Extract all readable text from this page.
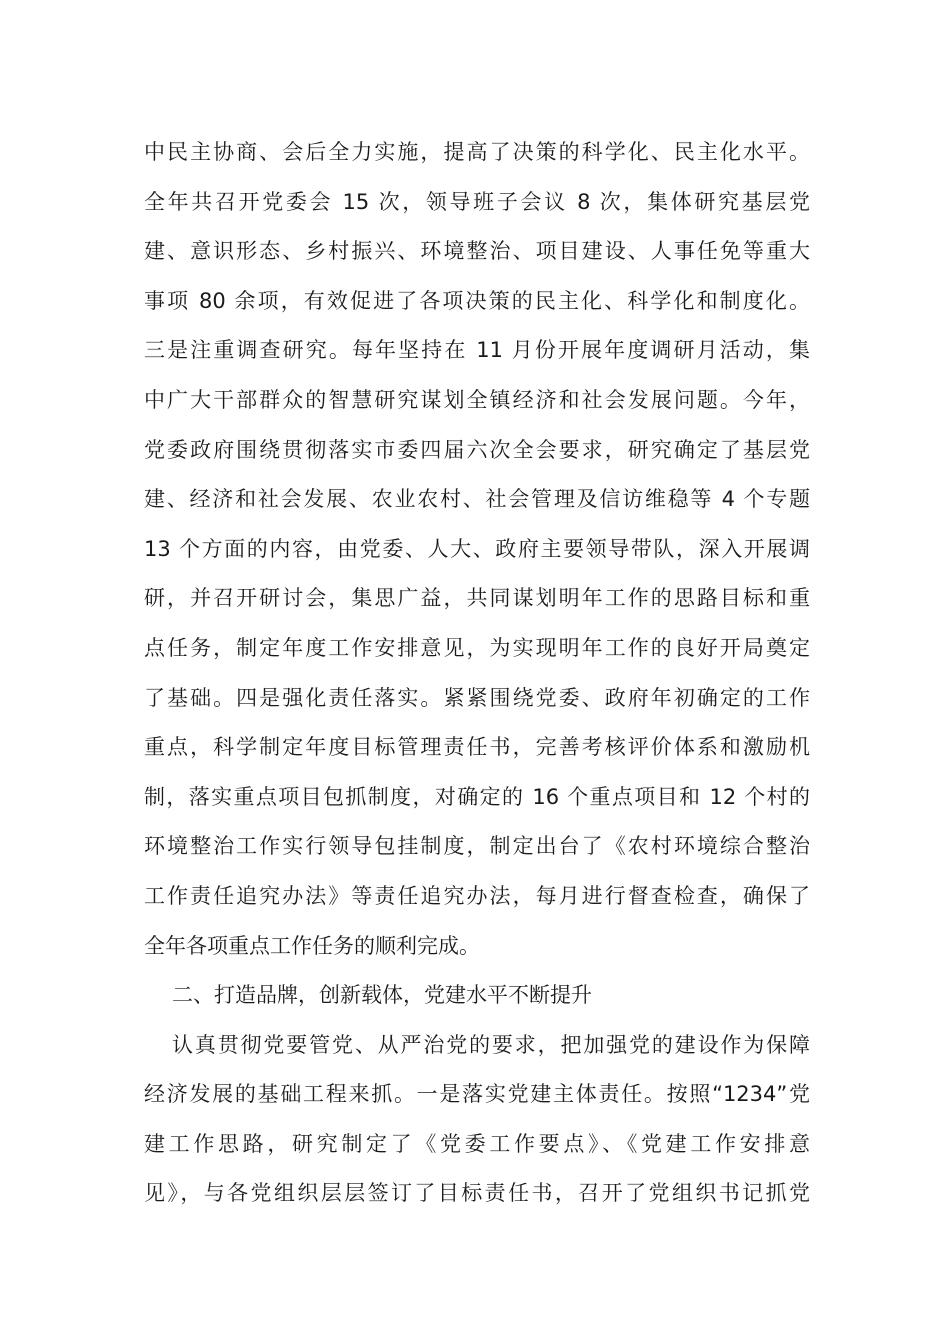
中民主协商、会后全力实施，提高了决策的科学化、民主化水平。
全年共召开党委会 15 次，领导班子会议 8 次，集体研究基层党
建、意识形态、乡村振兴、环境整治、项目建设、人事任免等重大
事项 80 余项，有效促进了各项决策的民主化、科学化和制度化。
三是注重调查研究。每年坚持在 11 月份开展年度调研月活动，集
中广大干部群众的智慧研究谋划全镇经济和社会发展问题。今年，
党委政府围绕贯彻落实市委四届六次全会要求，研究确定了基层党
建、经济和社会发展、农业农村、社会管理及信访维稳等 4 个专题
13 个方面的内容，由党委、人大、政府主要领导带队，深入开展调
研，并召开研讨会，集思广益，共同谋划明年工作的思路目标和重
点任务，制定年度工作安排意见，为实现明年工作的良好开局奠定
了基础。四是强化责任落实。紧紧围绕党委、政府年初确定的工作
重点，科学制定年度目标管理责任书，完善考核评价体系和激励机
制，落实重点项目包抓制度，对确定的 16 个重点项目和 12 个村的
环境整治工作实行领导包挂制度，制定出台了《农村环境综合整治
工作责任追究办法》等责任追究办法，每月进行督查检查，确保了
全年各项重点工作任务的顺利完成。
二、打造品牌，创新载体，党建水平不断提升
认真贯彻党要管党、从严治党的要求，把加强党的建设作为保障
经济发展的基础工程来抓。一是落实党建主体责任。按照“1234”党
建工作思路，研究制定了《党委工作要点》、《党建工作安排意
见》，与各党组织层层签订了目标责任书，召开了党组织书记抓党
